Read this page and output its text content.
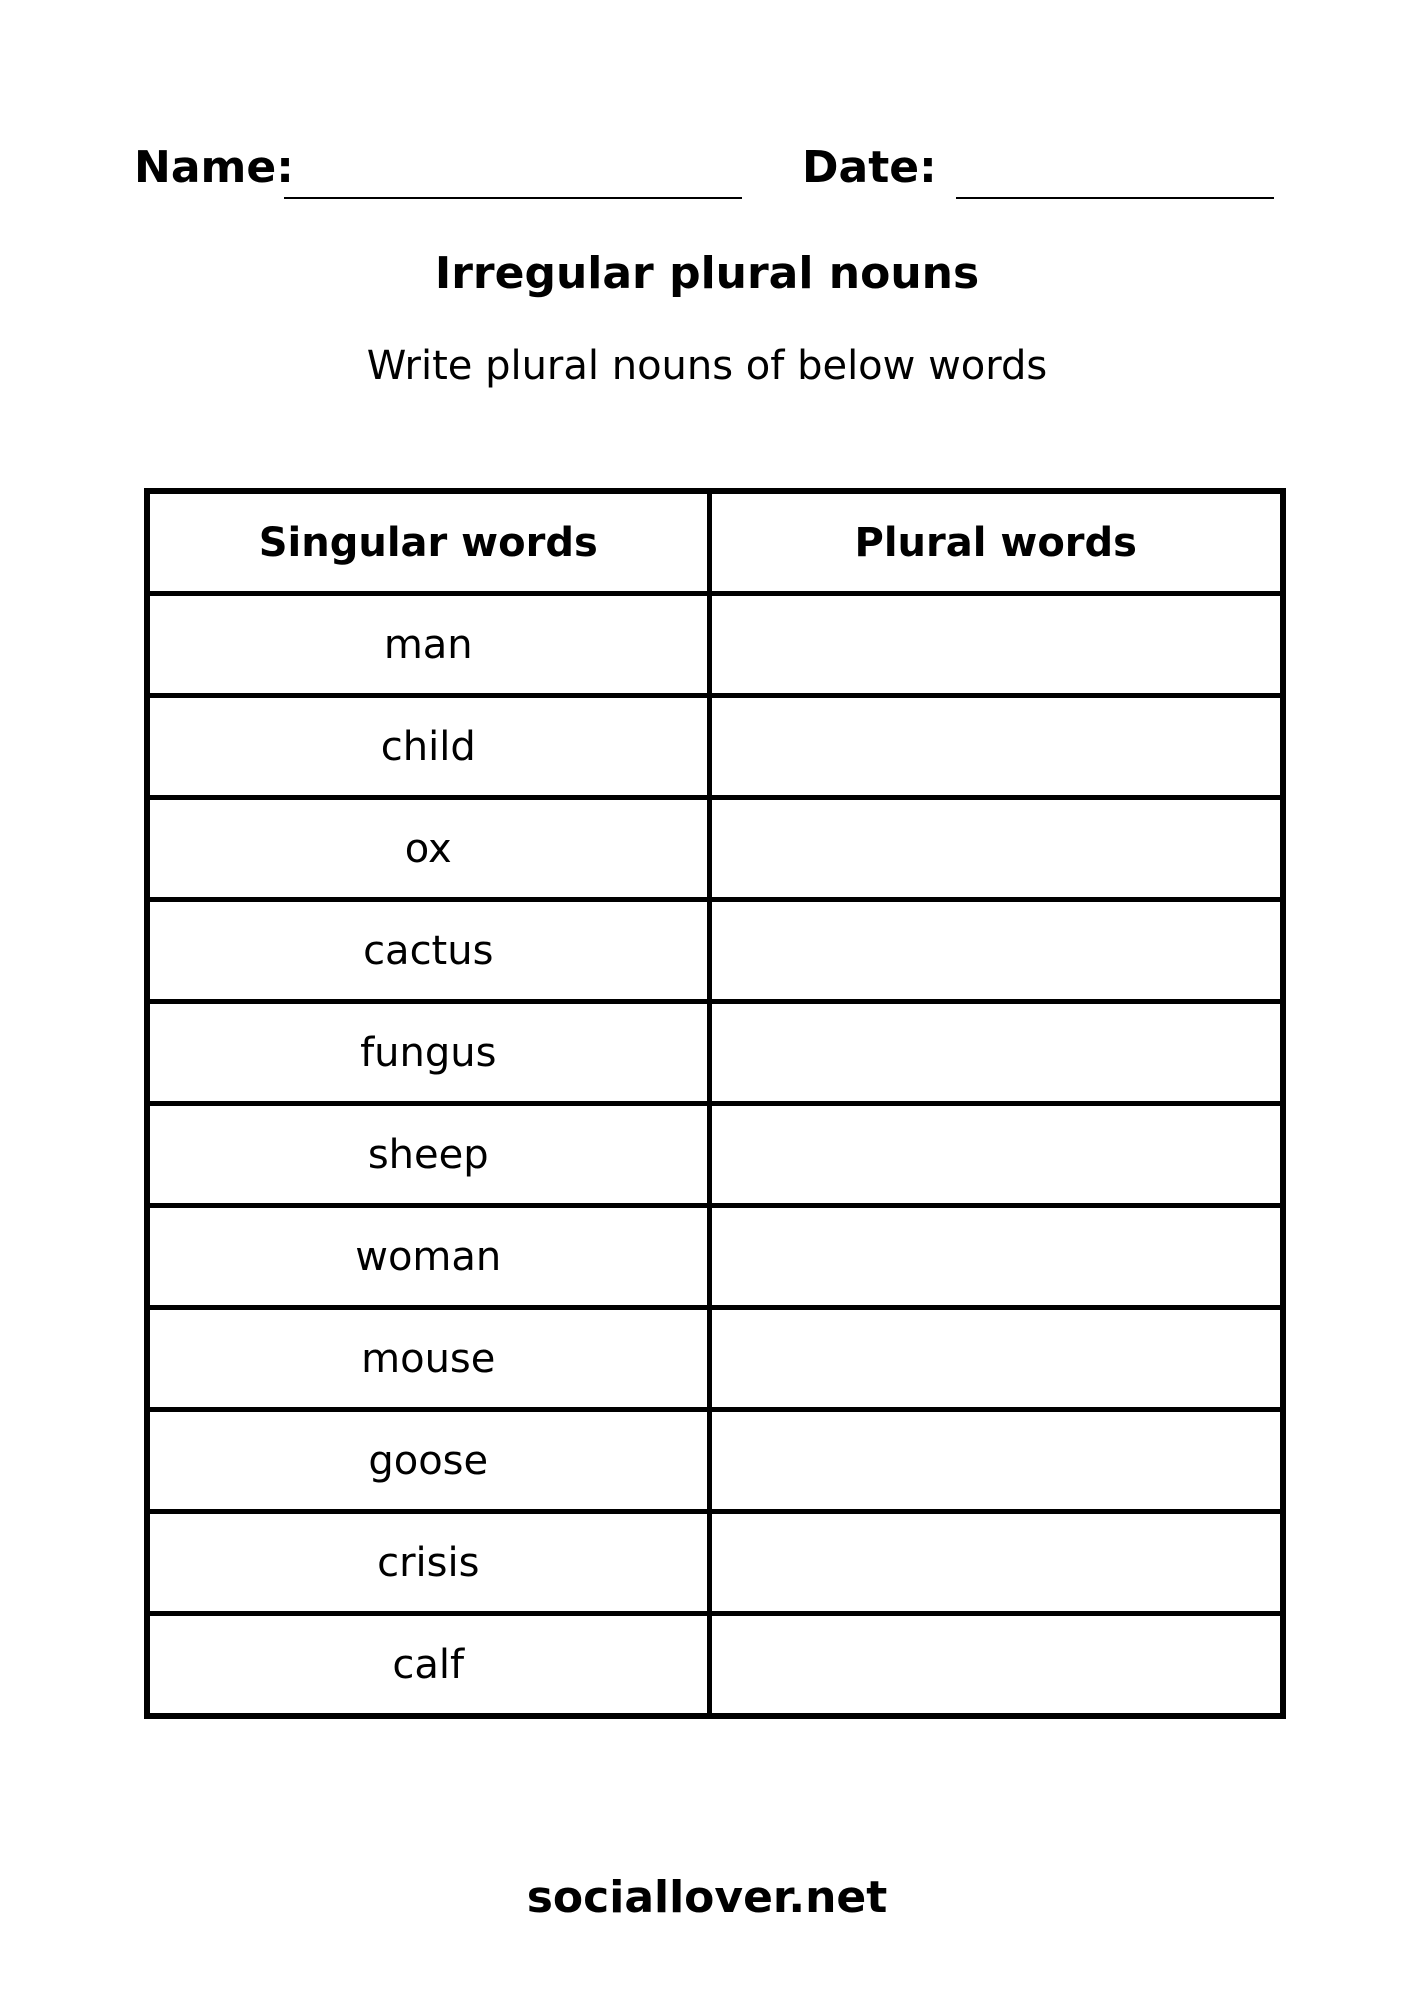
Name:	Date:
Irregular plural nouns
Write plural nouns of below words
Singular words	Plural words
man	
child	
ox	
cactus	
fungus	
sheep	
woman	
mouse	
goose	
crisis	
calf	
sociallover.net
